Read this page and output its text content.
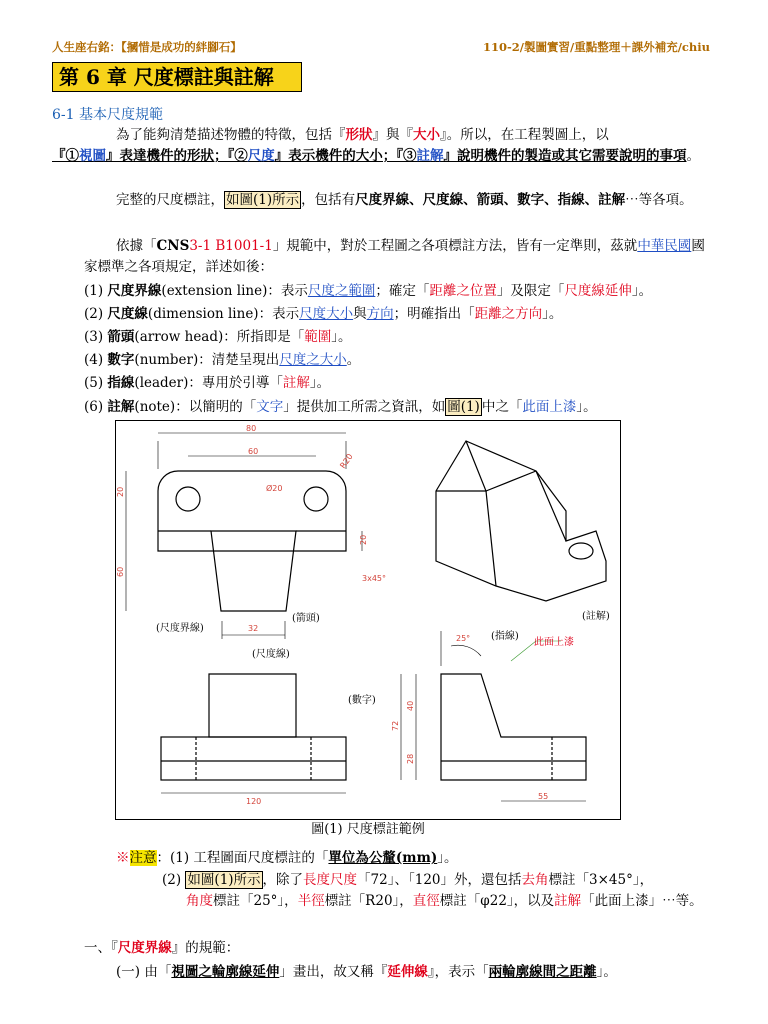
人生座右銘：【摑惜是成功的絆腳石】	110-2/製圖實習/重點整理＋課外補充/chiu
第 6 章 尺度標註與註解
6-1 基本尺度規範
為了能夠清楚描述物體的特徵，包括『形狀』與『大小』。所以，在工程製圖上，以
『①視圖』表達機件的形狀；『②尺度』表示機件的大小；『③註解』說明機件的製造或其它需要說明的事項。
完整的尺度標註， 如圖(1)所示 ，包括有尺度界線、尺度線、箭頭、數字、指線、註解⋯等各項。
依據「CNS3-1 B1001-1」規範中，對於工程圖之各項標註方法，皆有一定準則，茲就中華民國國家標準之各項規定，詳述如後：
(1) 尺度界線(extension line)：表示尺度之範圍；確定「距離之位置」及限定「尺度線延伸」。
(2) 尺度線(dimension line)：表示尺度大小與方向；明確指出「距離之方向」。
(3) 箭頭(arrow head)：所指即是「範圍」。
(4) 數字(number)：清楚呈現出尺度之大小。
(5) 指線(leader)：專用於引導「註解」。
(6) 註解(note)：以簡明的「文字」提供加工所需之資訊，如 圖(1) 中之「此面上漆」。
80
60
R20
Ø20
20
60
20
3x45°
32
(尺度界線)
(箭頭)
(尺度線)
120
25°
40
72
28
55
(數字)
(指線)
(註解)
此面上漆
圖(1) 尺度標註範例
※注意：(1) 工程圖面尺度標註的「單位為公釐(mm)」。
(2) 如圖(1)所示 ，除了長度尺度「72」、「120」外，還包括去角標註「3×45°」，
角度標註「25°」，半徑標註「R20」，直徑標註「φ22」，以及註解「此面上漆」⋯等。
一、『尺度界線』的規範：
(一) 由「視圖之輪廓線延伸」畫出，故又稱『延伸線』，表示「兩輪廓線間之距離」。
